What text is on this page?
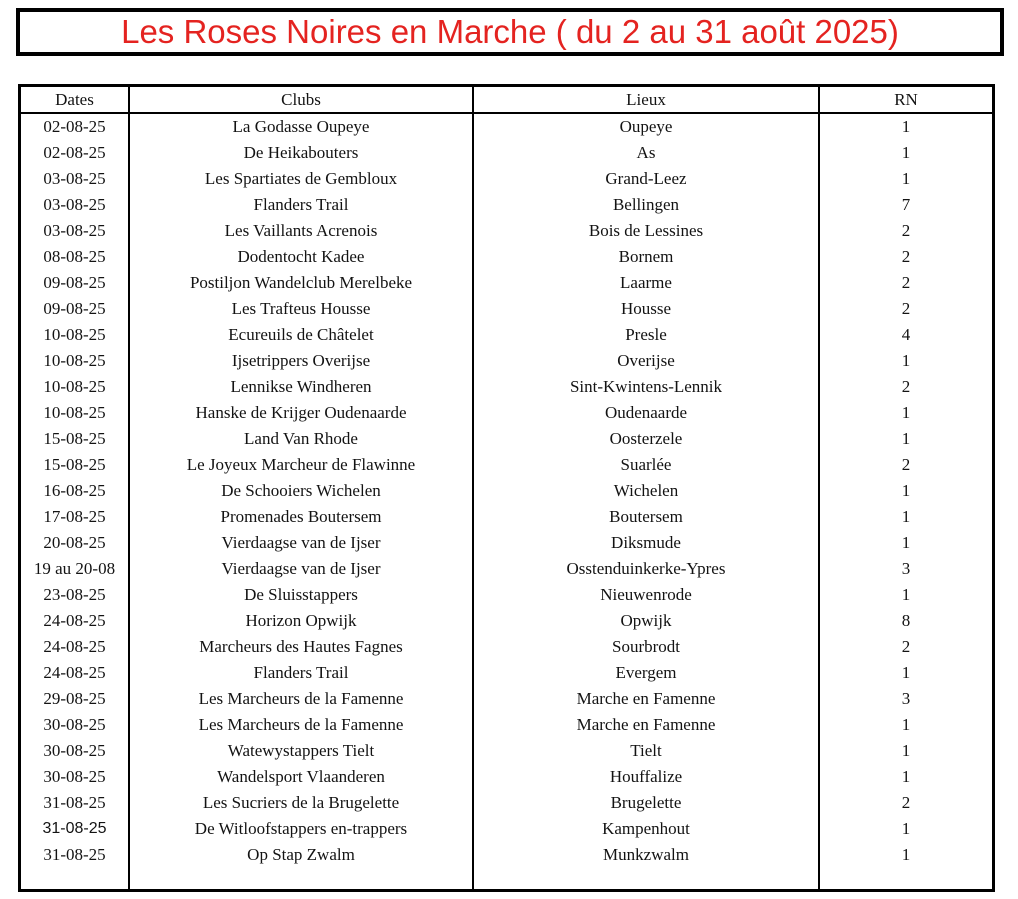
Les Roses Noires en Marche ( du 2 au 31 août 2025)
Dates	Clubs	Lieux	RN
02-08-25	La Godasse Oupeye	Oupeye	1
02-08-25	De Heikabouters	As	1
03-08-25	Les Spartiates de Gembloux	Grand-Leez	1
03-08-25	Flanders Trail	Bellingen	7
03-08-25	Les Vaillants Acrenois	Bois de Lessines	2
08-08-25	Dodentocht Kadee	Bornem	2
09-08-25	Postiljon Wandelclub Merelbeke	Laarme	2
09-08-25	Les Trafteus Housse	Housse	2
10-08-25	Ecureuils de Châtelet	Presle	4
10-08-25	Ijsetrippers Overijse	Overijse	1
10-08-25	Lennikse Windheren	Sint-Kwintens-Lennik	2
10-08-25	Hanske de Krijger Oudenaarde	Oudenaarde	1
15-08-25	Land Van Rhode	Oosterzele	1
15-08-25	Le Joyeux Marcheur de Flawinne	Suarlée	2
16-08-25	De Schooiers Wichelen	Wichelen	1
17-08-25	Promenades Boutersem	Boutersem	1
20-08-25	Vierdaagse van de Ijser	Diksmude	1
19 au 20-08	Vierdaagse van de Ijser	Osstenduinkerke-Ypres	3
23-08-25	De Sluisstappers	Nieuwenrode	1
24-08-25	Horizon Opwijk	Opwijk	8
24-08-25	Marcheurs des Hautes Fagnes	Sourbrodt	2
24-08-25	Flanders Trail	Evergem	1
29-08-25	Les Marcheurs de la Famenne	Marche en Famenne	3
30-08-25	Les Marcheurs de la Famenne	Marche en Famenne	1
30-08-25	Watewystappers Tielt	Tielt	1
30-08-25	Wandelsport Vlaanderen	Houffalize	1
31-08-25	Les Sucriers de la Brugelette	Brugelette	2
31-08-25	De Witloofstappers en-trappers	Kampenhout	1
31-08-25	Op Stap Zwalm	Munkzwalm	1
